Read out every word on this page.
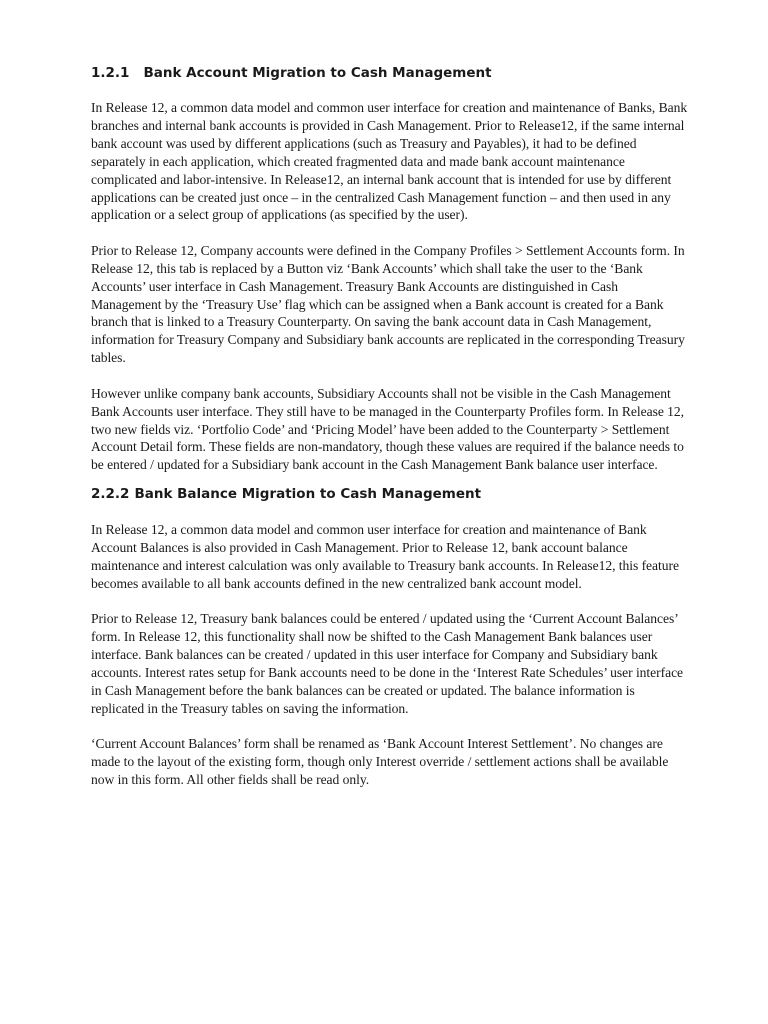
1.2.1 Bank Account Migration to Cash Management

In Release 12, a common data model and common user interface for creation and maintenance of Banks, Bank branches and internal bank accounts is provided in Cash Management. Prior to Release12, if the same internal bank account was used by different applications (such as Treasury and Payables), it had to be defined separately in each application, which created fragmented data and made bank account maintenance complicated and labor-intensive. In Release12, an internal bank account that is intended for use by different applications can be created just once – in the centralized Cash Management function – and then used in any application or a select group of applications (as specified by the user).

Prior to Release 12, Company accounts were defined in the Company Profiles > Settlement Accounts form. In Release 12, this tab is replaced by a Button viz ‘Bank Accounts’ which shall take the user to the ‘Bank Accounts’ user interface in Cash Management. Treasury Bank Accounts are distinguished in Cash Management by the ‘Treasury Use’ flag which can be assigned when a Bank account is created for a Bank branch that is linked to a Treasury Counterparty. On saving the bank account data in Cash Management, information for Treasury Company and Subsidiary bank accounts are replicated in the corresponding Treasury tables.

However unlike company bank accounts, Subsidiary Accounts shall not be visible in the Cash Management Bank Accounts user interface. They still have to be managed in the Counterparty Profiles form. In Release 12, two new fields viz. ‘Portfolio Code’ and ‘Pricing Model’ have been added to the Counterparty > Settlement Account Detail form. These fields are non-mandatory, though these values are required if the balance needs to be entered / updated for a Subsidiary bank account in the Cash Management Bank balance user interface.

2.2.2 Bank Balance Migration to Cash Management

In Release 12, a common data model and common user interface for creation and maintenance of Bank Account Balances is also provided in Cash Management. Prior to Release 12, bank account balance maintenance and interest calculation was only available to Treasury bank accounts. In Release12, this feature becomes available to all bank accounts defined in the new centralized bank account model.

Prior to Release 12, Treasury bank balances could be entered / updated using the ‘Current Account Balances’ form. In Release 12, this functionality shall now be shifted to the Cash Management Bank balances user interface. Bank balances can be created / updated in this user interface for Company and Subsidiary bank accounts. Interest rates setup for Bank accounts need to be done in the ‘Interest Rate Schedules’ user interface in Cash Management before the bank balances can be created or updated. The balance information is replicated in the Treasury tables on saving the information.

‘Current Account Balances’ form shall be renamed as ‘Bank Account Interest Settlement’. No changes are made to the layout of the existing form, though only Interest override / settlement actions shall be available now in this form. All other fields shall be read only.
